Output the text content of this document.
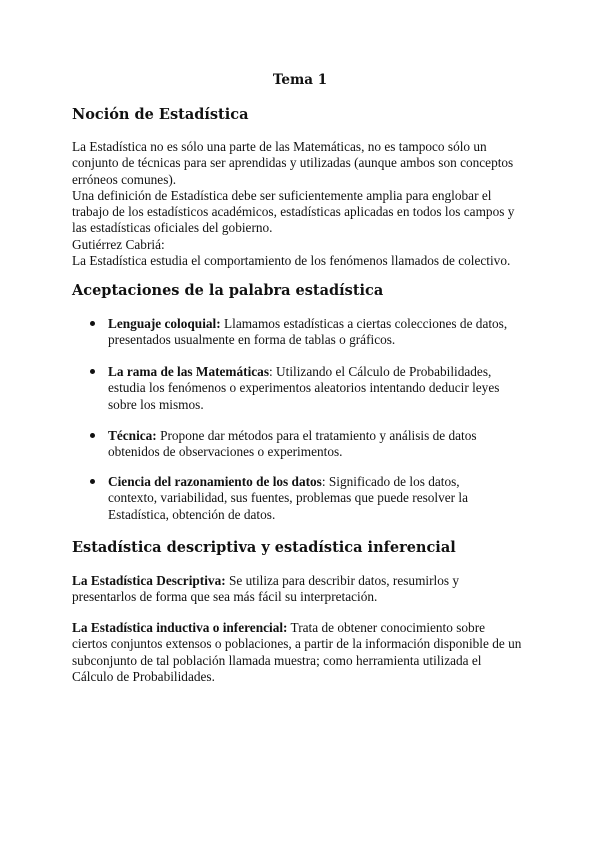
Tema 1
Noción de Estadística

La Estadística no es sólo una parte de las Matemáticas, no es tampoco sólo un

conjunto de técnicas para ser aprendidas y utilizadas (aunque ambos son conceptos

erróneos comunes).

Una definición de Estadística debe ser suficientemente amplia para englobar el

trabajo de los estadísticos académicos, estadísticas aplicadas en todos los campos y

las estadísticas oficiales del gobierno.

Gutiérrez Cabriá:

La Estadística estudia el comportamiento de los fenómenos llamados de colectivo.

Aceptaciones de la palabra estadística

Lenguaje coloquial: Llamamos estadísticas a ciertas colecciones de datos,

presentados usualmente en forma de tablas o gráficos.

La rama de las Matemáticas: Utilizando el Cálculo de Probabilidades,

estudia los fenómenos o experimentos aleatorios intentando deducir leyes

sobre los mismos.

Técnica: Propone dar métodos para el tratamiento y análisis de datos

obtenidos de observaciones o experimentos.

Ciencia del razonamiento de los datos: Significado de los datos,

contexto, variabilidad, sus fuentes, problemas que puede resolver la

Estadística, obtención de datos.

Estadística descriptiva y estadística inferencial

La Estadística Descriptiva: Se utiliza para describir datos, resumirlos y

presentarlos de forma que sea más fácil su interpretación.

La Estadística inductiva o inferencial: Trata de obtener conocimiento sobre

ciertos conjuntos extensos o poblaciones, a partir de la información disponible de un

subconjunto de tal población llamada muestra; como herramienta utilizada el

Cálculo de Probabilidades.
